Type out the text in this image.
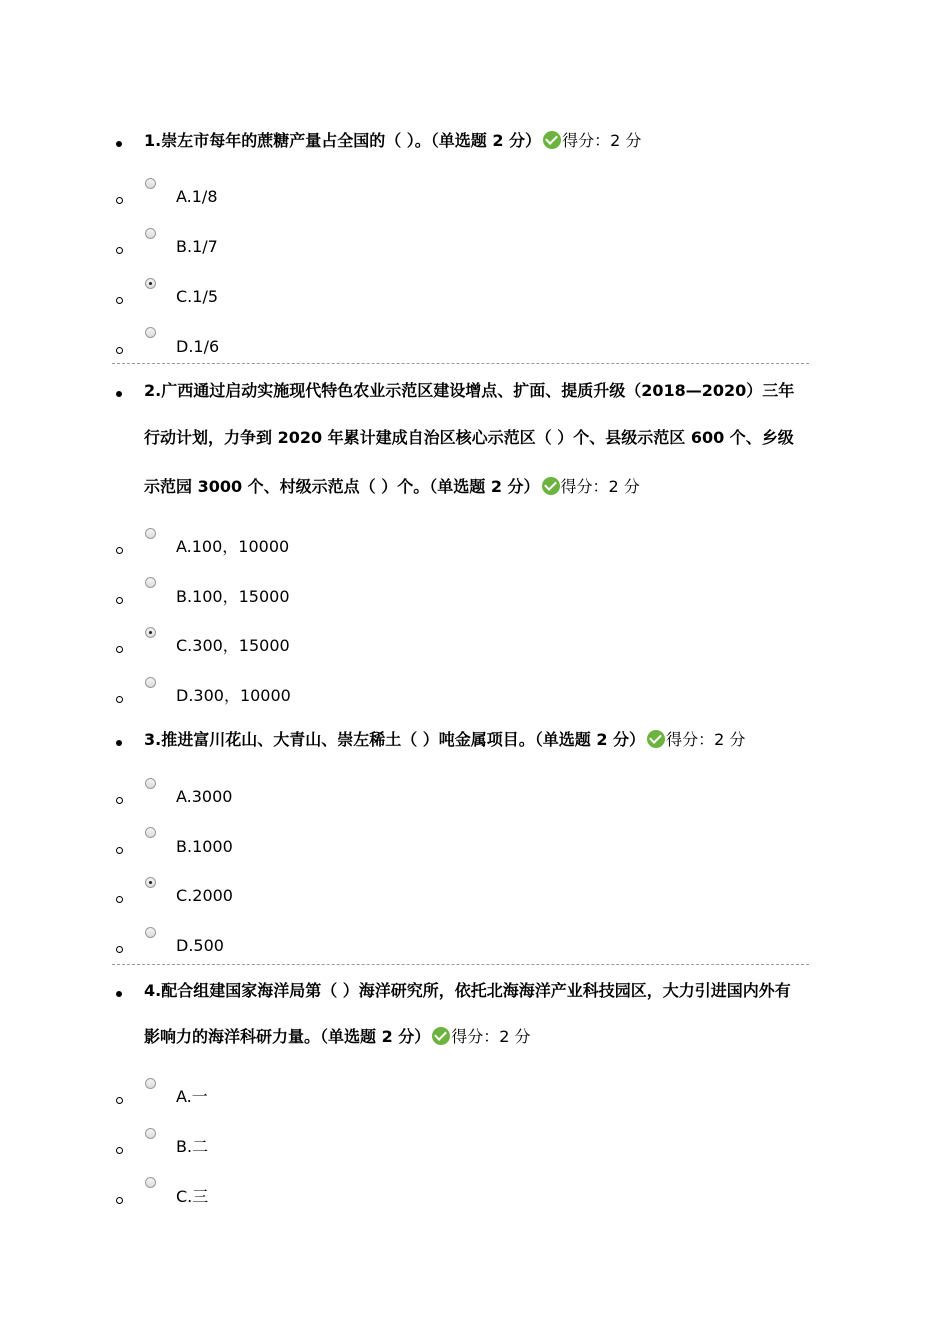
1.崇左市每年的蔗糖产量占全国的（ ）。（单选题 2 分） 得分：2 分
A.1/8
B.1/7
C.1/5
D.1/6
2.广西通过启动实施现代特色农业示范区建设增点、扩面、提质升级（2018—2020）三年
行动计划，力争到 2020 年累计建成自治区核心示范区（ ）个、县级示范区 600 个、乡级
示范园 3000 个、村级示范点（ ）个。（单选题 2 分） 得分：2 分
A.100，10000
B.100，15000
C.300，15000
D.300，10000
3.推进富川花山、大青山、崇左稀土（ ）吨金属项目。（单选题 2 分） 得分：2 分
A.3000
B.1000
C.2000
D.500
4.配合组建国家海洋局第（ ）海洋研究所，依托北海海洋产业科技园区，大力引进国内外有
影响力的海洋科研力量。（单选题 2 分） 得分：2 分
A.一
B.二
C.三
